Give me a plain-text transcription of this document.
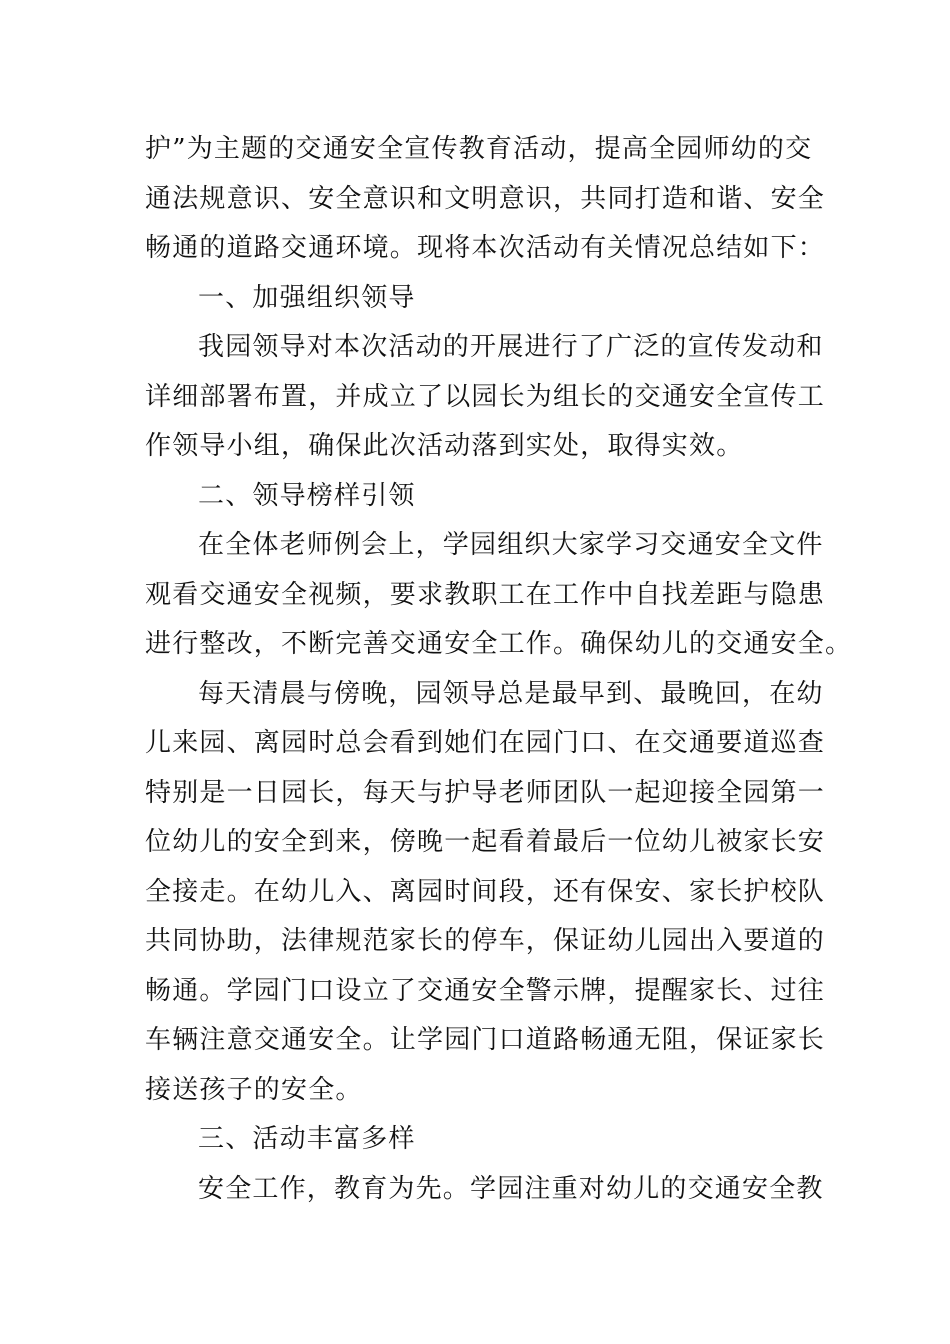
护”为主题的交通安全宣传教育活动，提高全园师幼的交
通法规意识、安全意识和文明意识，共同打造和谐、安全
畅通的道路交通环境。现将本次活动有关情况总结如下：
一、加强组织领导
我园领导对本次活动的开展进行了广泛的宣传发动和
详细部署布置，并成立了以园长为组长的交通安全宣传工
作领导小组，确保此次活动落到实处，取得实效。
二、领导榜样引领
在全体老师例会上，学园组织大家学习交通安全文件
观看交通安全视频，要求教职工在工作中自找差距与隐患
进行整改，不断完善交通安全工作。确保幼儿的交通安全。
每天清晨与傍晚，园领导总是最早到、最晚回，在幼
儿来园、离园时总会看到她们在园门口、在交通要道巡查
特别是一日园长，每天与护导老师团队一起迎接全园第一
位幼儿的安全到来，傍晚一起看着最后一位幼儿被家长安
全接走。在幼儿入、离园时间段，还有保安、家长护校队
共同协助，法律规范家长的停车，保证幼儿园出入要道的
畅通。学园门口设立了交通安全警示牌，提醒家长、过往
车辆注意交通安全。让学园门口道路畅通无阻，保证家长
接送孩子的安全。
三、活动丰富多样
安全工作，教育为先。学园注重对幼儿的交通安全教
